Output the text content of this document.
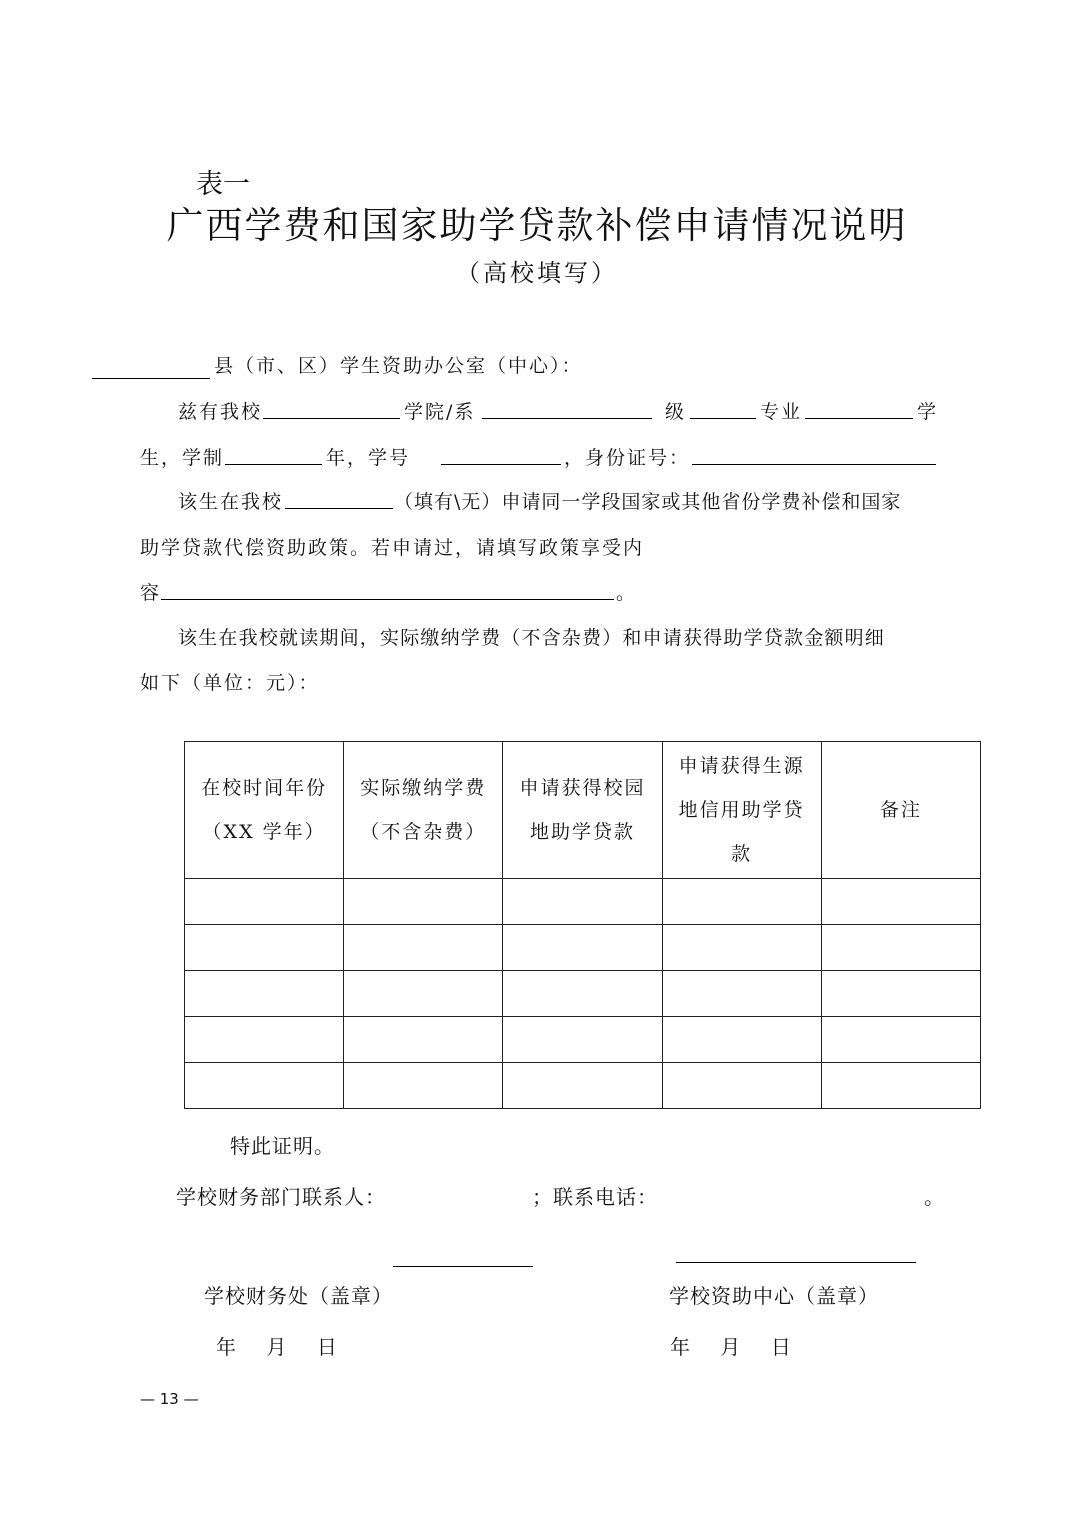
表一
广西学费和国家助学贷款补偿申请情况说明
（高校填写）
县（市、区）学生资助办公室（中心）：
兹有我校	学院/系	级	专业	学
生，学制	年，学号	，身份证号：
该生在我校	（填有\无）申请同一学段国家或其他省份学费补偿和国家
助学贷款代偿资助政策。若申请过，请填写政策享受内
容	。
该生在我校就读期间，实际缴纳学费（不含杂费）和申请获得助学贷款金额明细
如下（单位：元）：
在校时间年份（XX 学年）	实际缴纳学费（不含杂费）	申请获得校园地助学贷款	申请获得生源地信用助学贷款	备注

特此证明。
学校财务部门联系人：	；联系电话：	。
学校财务处（盖章）	学校资助中心（盖章）
年    月    日	年    月    日
— 13 —
